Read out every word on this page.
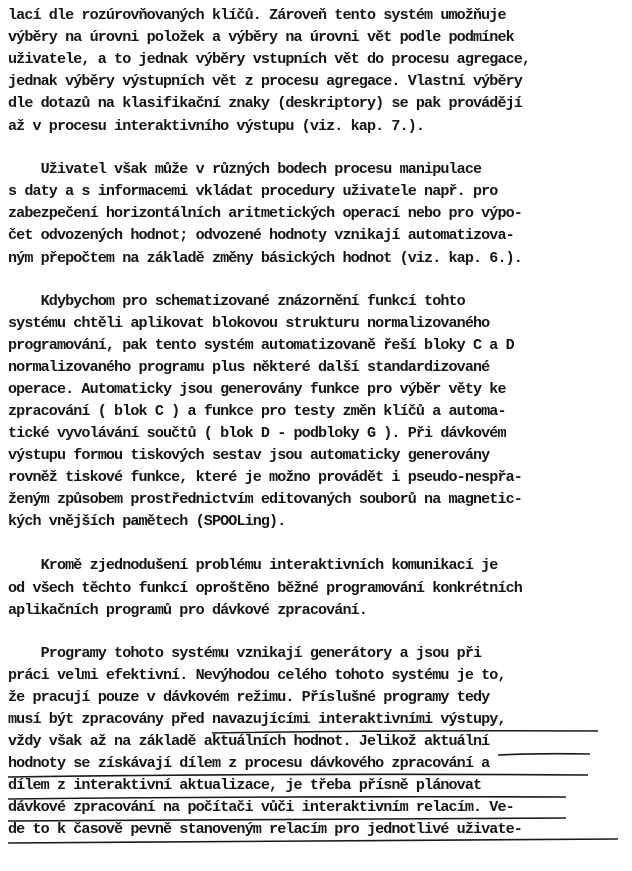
lací dle rozúrovňovaných klíčů. Zároveň tento systém umožňuje
výběry na úrovni položek a výběry na úrovni vět podle podmínek
uživatele, a to jednak výběry vstupních vět do procesu agregace,
jednak výběry výstupních vět z procesu agregace. Vlastní výběry
dle dotazů na klasifikační znaky (deskriptory) se pak provádějí
až v procesu interaktivního výstupu (viz. kap. 7.).
Uživatel však může v různých bodech procesu manipulace
s daty a s informacemi vkládat procedury uživatele např. pro
zabezpečení horizontálních aritmetických operací nebo pro výpo-
čet odvozených hodnot; odvozené hodnoty vznikají automatizova-
ným přepočtem na základě změny básických hodnot (viz. kap. 6.).
Kdybychom pro schematizované znázornění funkcí tohto
systému chtěli aplikovat blokovou strukturu normalizovaného
programování, pak tento systém automatizovaně řeší bloky C a D
normalizovaného programu plus některé další standardizované
operace. Automaticky jsou generovány funkce pro výběr věty ke
zpracování ( blok C ) a funkce pro testy změn klíčů a automa-
tické vyvolávání součtů ( blok D - podbloky G ). Při dávkovém
výstupu formou tiskových sestav jsou automaticky generovány
rovněž tiskové funkce, které je možno provádět i pseudo-nespřa-
ženým způsobem prostřednictvím editovaných souborů na magnetic-
kých vnějších pamětech (SPOOLing).
Kromě zjednodušení problému interaktivních komunikací je
od všech těchto funkcí oproštěno běžné programování konkrétních
aplikačních programů pro dávkové zpracování.
Programy tohoto systému vznikají generátory a jsou při
práci velmi efektivní. Nevýhodou celého tohoto systému je to,
že pracují pouze v dávkovém režimu. Příslušné programy tedy
musí být zpracovány před navazujícími interaktivními výstupy,
vždy však až na základě aktuálních hodnot. Jelikož aktuální
hodnoty se získávají dílem z procesu dávkového zpracování a
dílem z interaktivní aktualizace, je třeba přísně plánovat
dávkové zpracování na počítači vůči interaktivním relacím. Ve-
de to k časově pevně stanoveným relacím pro jednotlivé uživate-
